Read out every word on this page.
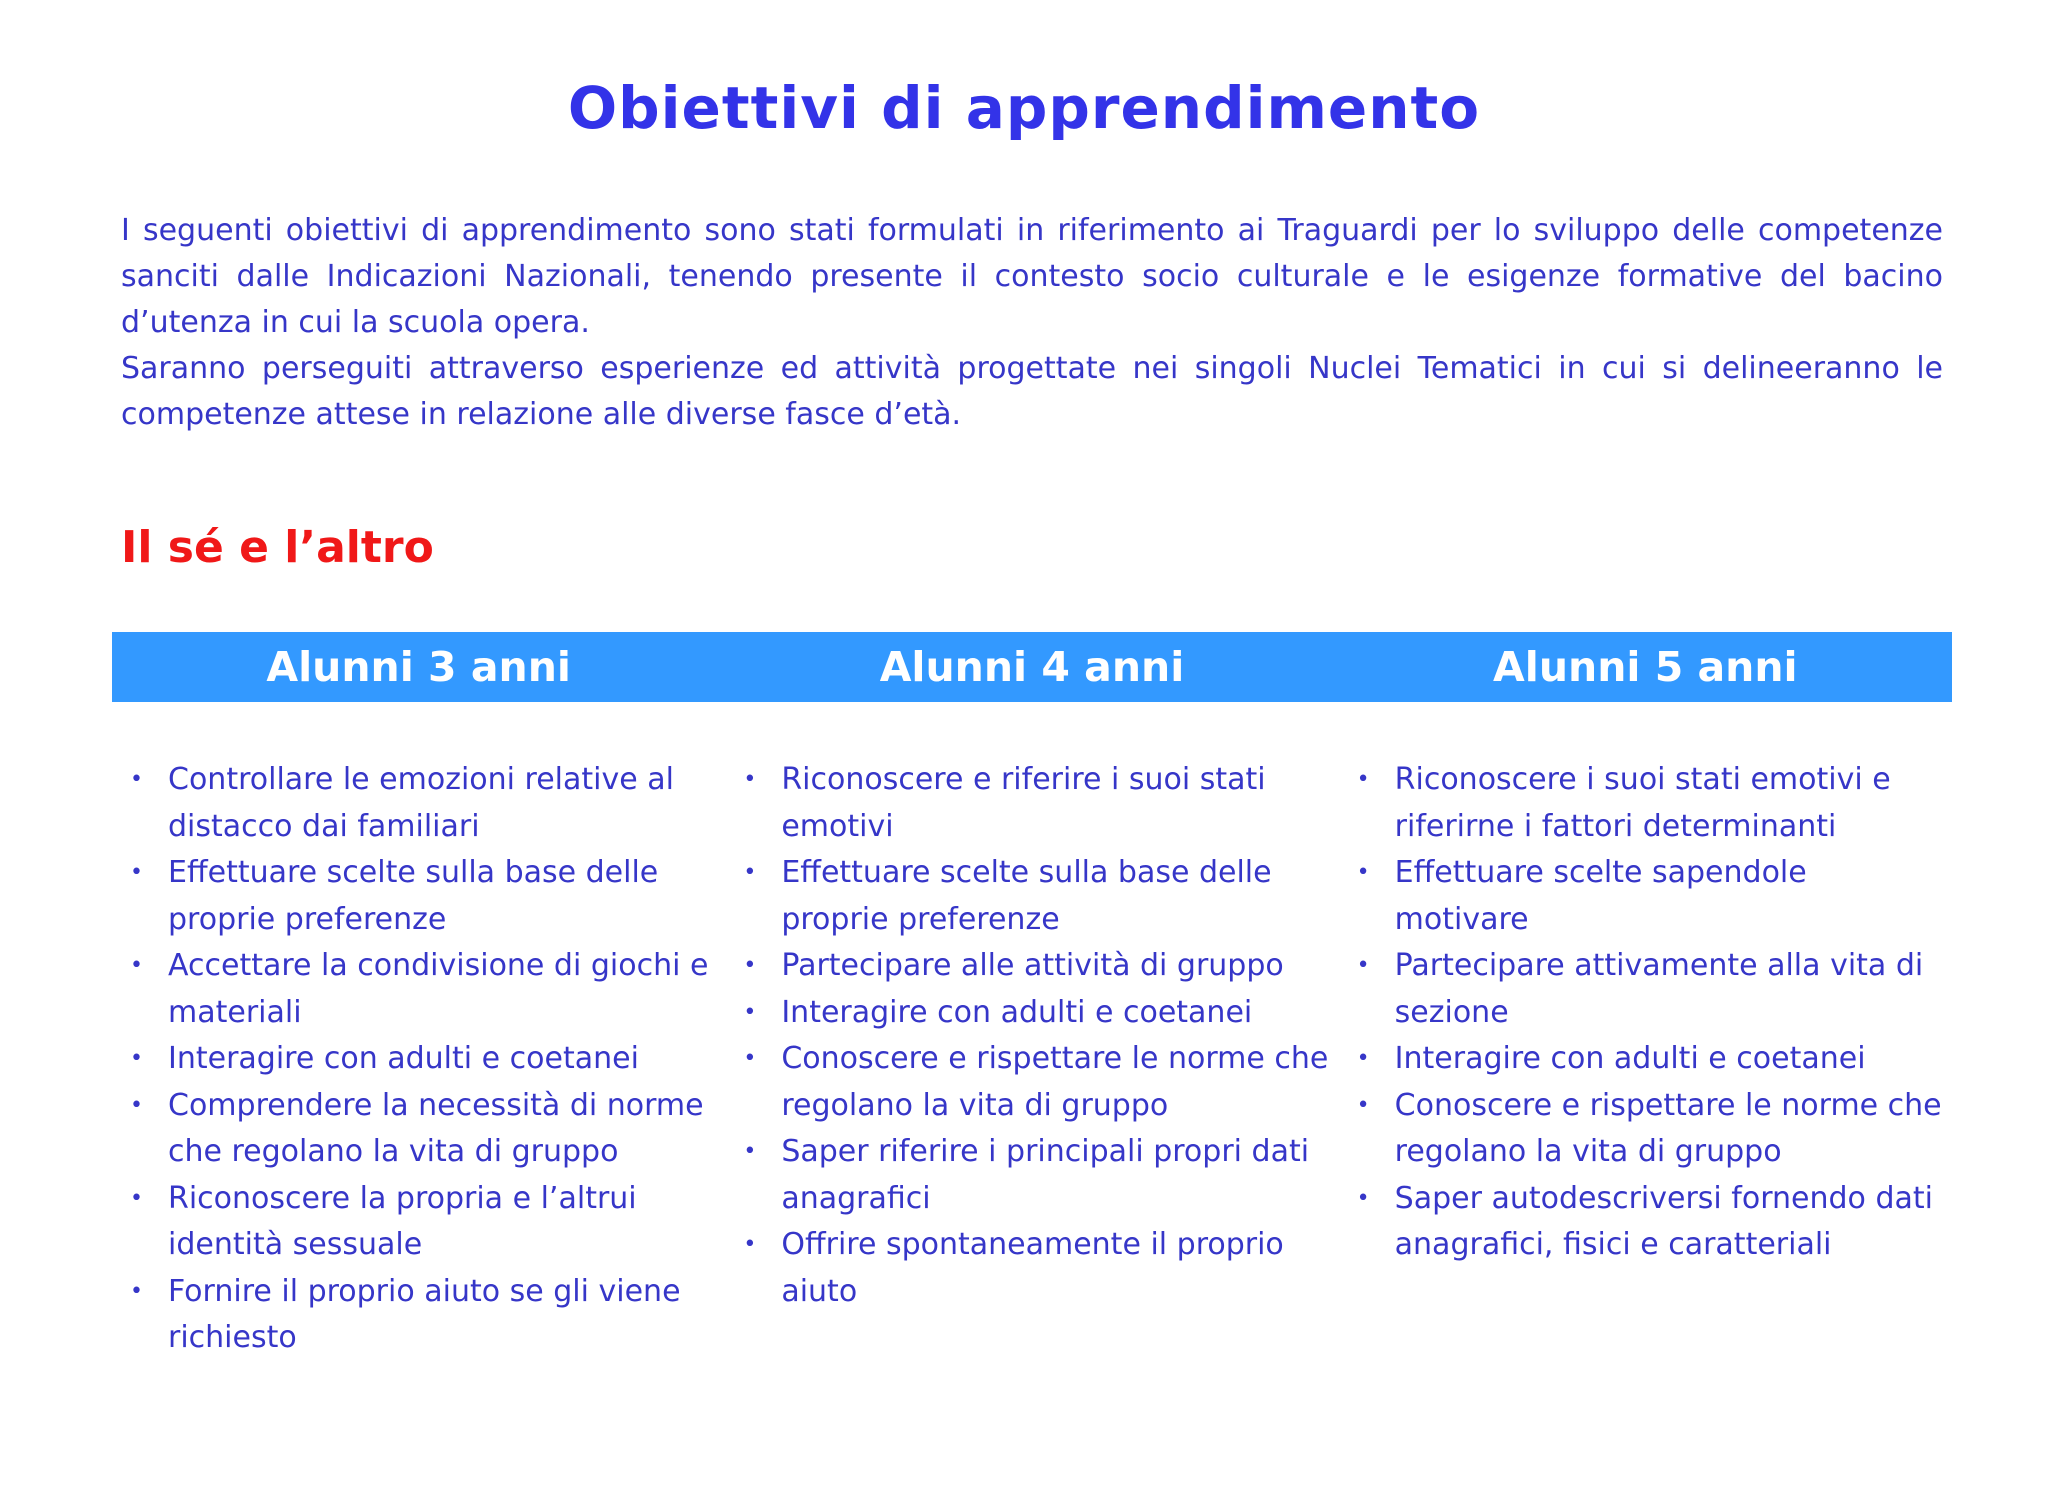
Obiettivi di apprendimento

I seguenti obiettivi di apprendimento sono stati formulati in riferimento ai Traguardi per lo sviluppo delle competenze sanciti dalle Indicazioni Nazionali, tenendo presente il contesto socio culturale e le esigenze formative del bacino d’utenza in cui la scuola opera.

Saranno perseguiti attraverso esperienze ed attività progettate nei singoli Nuclei Tematici in cui si delineeranno le competenze attese in relazione alle diverse fasce d’età.

Il sé e l’altro
Alunni 3 anni	Alunni 4 anni	Alunni 5 anni
• Controllare le emozioni relative al distacco dai familiari
• Effettuare scelte sulla base delle proprie preferenze
• Accettare la condivisione di giochi e materiali
• Interagire con adulti e coetanei
• Comprendere la necessità di norme che regolano la vita di gruppo
• Riconoscere la propria e l’altrui identità sessuale
• Fornire il proprio aiuto se gli viene richiesto
• Riconoscere e riferire i suoi stati emotivi
• Effettuare scelte sulla base delle proprie preferenze
• Partecipare alle attività di gruppo
• Interagire con adulti e coetanei
• Conoscere e rispettare le norme che regolano la vita di gruppo
• Saper riferire i principali propri dati anagrafici
• Offrire spontaneamente il proprio aiuto
• Riconoscere i suoi stati emotivi e riferirne i fattori determinanti
• Effettuare scelte sapendole motivare
• Partecipare attivamente alla vita di sezione
• Interagire con adulti e coetanei
• Conoscere e rispettare le norme che regolano la vita di gruppo
• Saper autodescriversi fornendo dati anagrafici, fisici e caratteriali
